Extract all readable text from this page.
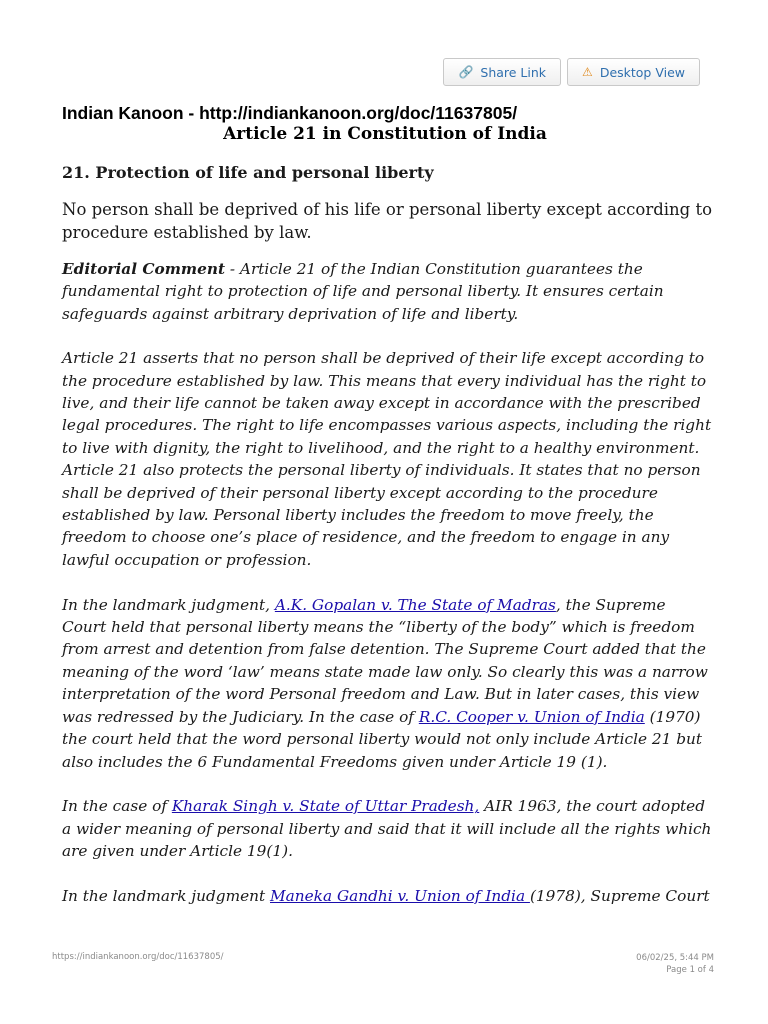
🔗 Share Link	⚠ Desktop View
Indian Kanoon - http://indiankanoon.org/doc/11637805/
Article 21 in Constitution of India
21. Protection of life and personal liberty
No person shall be deprived of his life or personal liberty except according to procedure established by law.

Editorial Comment - Article 21 of the Indian Constitution guarantees the fundamental right to protection of life and personal liberty. It ensures certain safeguards against arbitrary deprivation of life and liberty.

Article 21 asserts that no person shall be deprived of their life except according to the procedure established by law. This means that every individual has the right to live, and their life cannot be taken away except in accordance with the prescribed legal procedures. The right to life encompasses various aspects, including the right to live with dignity, the right to livelihood, and the right to a healthy environment. Article 21 also protects the personal liberty of individuals. It states that no person shall be deprived of their personal liberty except according to the procedure established by law. Personal liberty includes the freedom to move freely, the freedom to choose one’s place of residence, and the freedom to engage in any lawful occupation or profession.

In the landmark judgment, A.K. Gopalan v. The State of Madras, the Supreme Court held that personal liberty means the “liberty of the body” which is freedom from arrest and detention from false detention. The Supreme Court added that the meaning of the word ‘law’ means state made law only. So clearly this was a narrow interpretation of the word Personal freedom and Law. But in later cases, this view was redressed by the Judiciary. In the case of R.C. Cooper v. Union of India (1970) the court held that the word personal liberty would not only include Article 21 but also includes the 6 Fundamental Freedoms given under Article 19 (1).

In the case of Kharak Singh v. State of Uttar Pradesh, AIR 1963, the court adopted a wider meaning of personal liberty and said that it will include all the rights which are given under Article 19(1).

In the landmark judgment Maneka Gandhi v. Union of India (1978), Supreme Court

https://indiankanoon.org/doc/11637805/	06/02/25, 5:44 PM
Page 1 of 4
